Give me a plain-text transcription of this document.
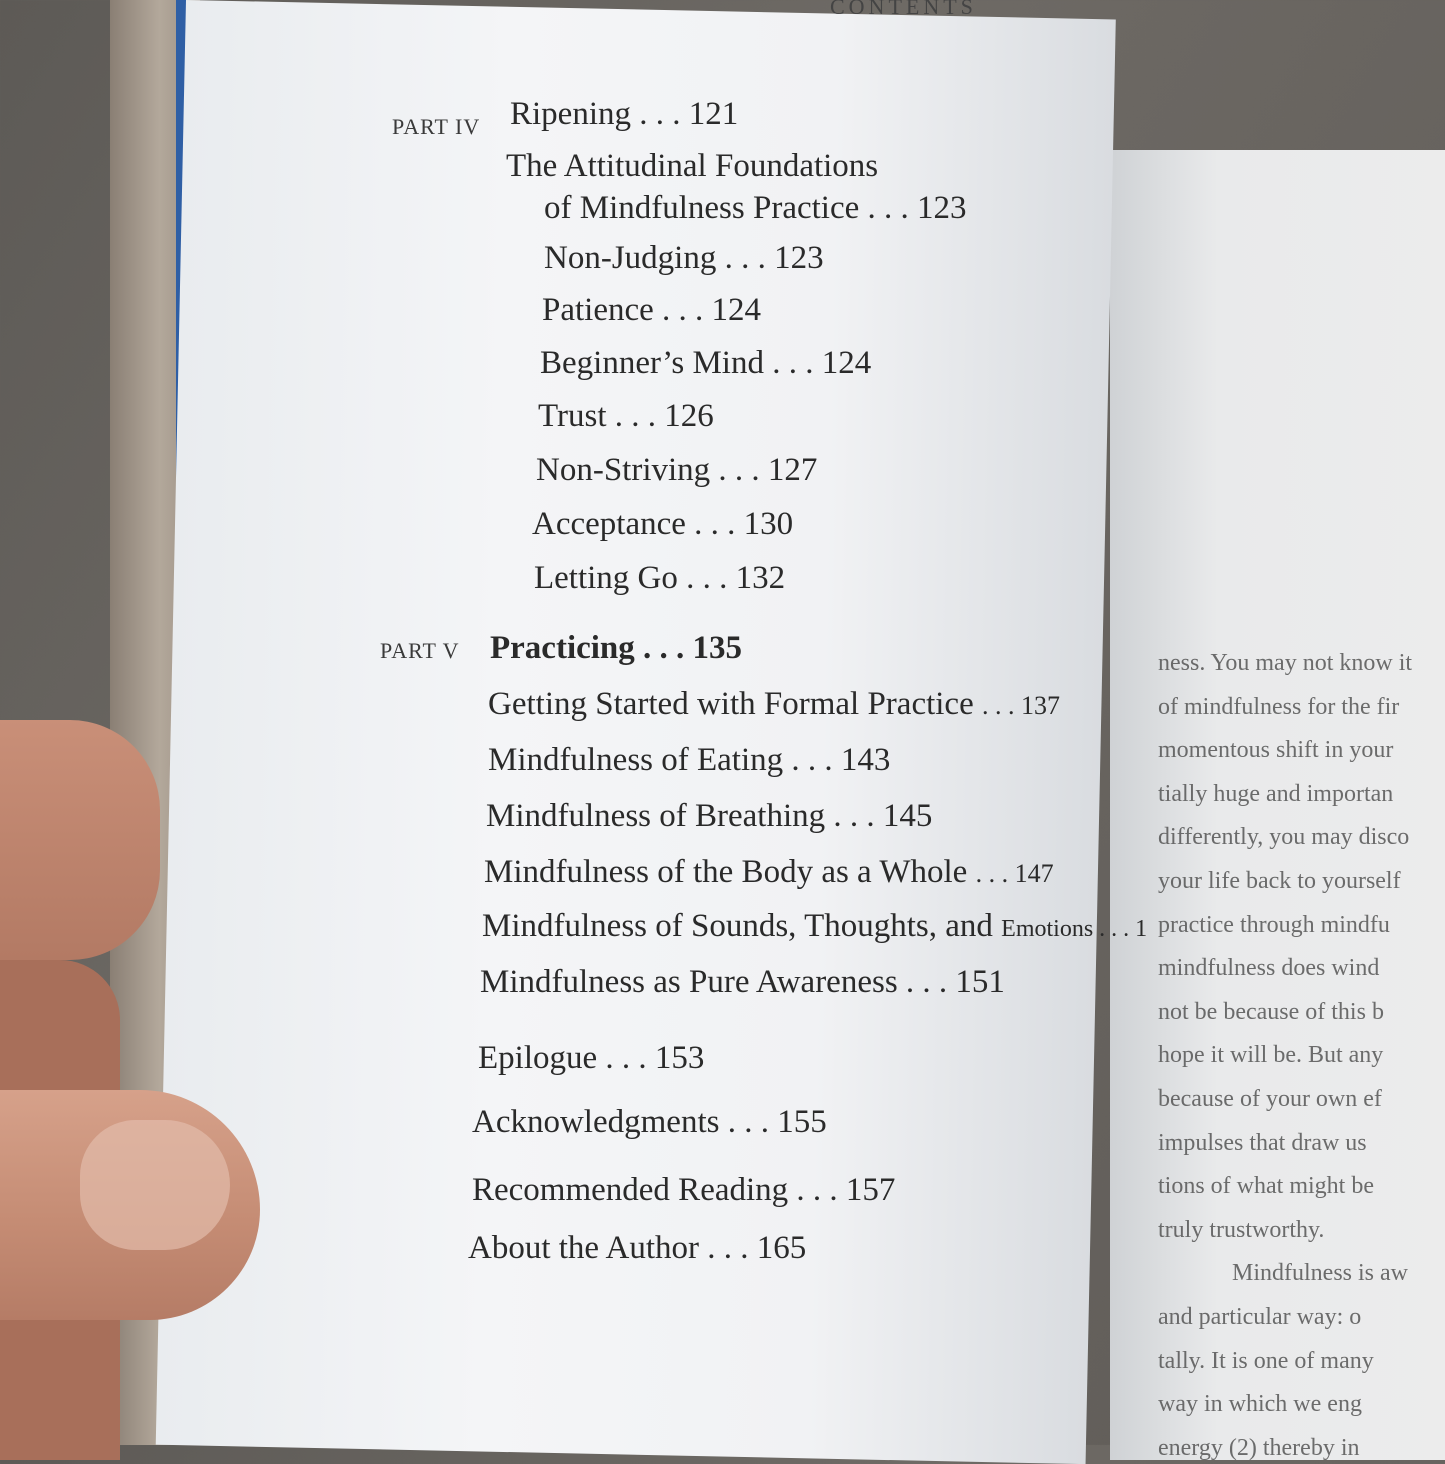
ness. You may not know it
of mindfulness for the fir
momentous shift in your
tially huge and importan
differently, you may disco
your life back to yourself
practice through mindfu
mindfulness does wind
not be because of this b
hope it will be. But any
because of your own ef
impulses that draw us
tions of what might be
truly trustworthy.
Mindfulness is aw
and particular way: o
tally. It is one of many
way in which we eng
energy (2) thereby in
CONTENTS
PART IV Ripening . . . 121
The Attitudinal Foundations
of Mindfulness Practice . . . 123
Non-Judging . . . 123
Patience . . . 124
Beginner’s Mind . . . 124
Trust . . . 126
Non-Striving . . . 127
Acceptance . . . 130
Letting Go . . . 132
PART V Practicing . . . 135
Getting Started with Formal Practice . . . 137
Mindfulness of Eating . . . 143
Mindfulness of Breathing . . . 145
Mindfulness of the Body as a Whole . . . 147
Mindfulness of Sounds, Thoughts, and Emotions . . . 1
Mindfulness as Pure Awareness . . . 151
Epilogue . . . 153
Acknowledgments . . . 155
Recommended Reading . . . 157
About the Author . . . 165
